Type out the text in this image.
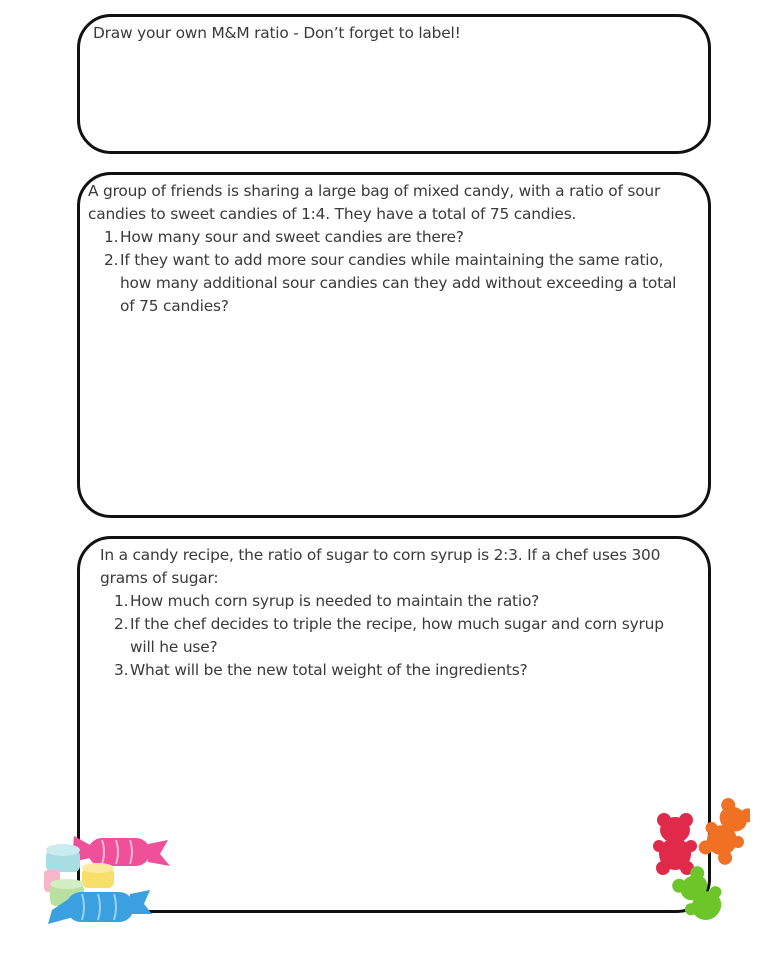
Draw your own M&M ratio - Don’t forget to label!
A group of friends is sharing a large bag of mixed candy, with a ratio of sour candies to sweet candies of 1:4. They have a total of 75 candies.
1. How many sour and sweet candies are there?
2. If they want to add more sour candies while maintaining the same ratio, how many additional sour candies can they add without exceeding a total of 75 candies?
In a candy recipe, the ratio of sugar to corn syrup is 2:3. If a chef uses 300 grams of sugar:
1. How much corn syrup is needed to maintain the ratio?
2. If the chef decides to triple the recipe, how much sugar and corn syrup will he use?
3. What will be the new total weight of the ingredients?
